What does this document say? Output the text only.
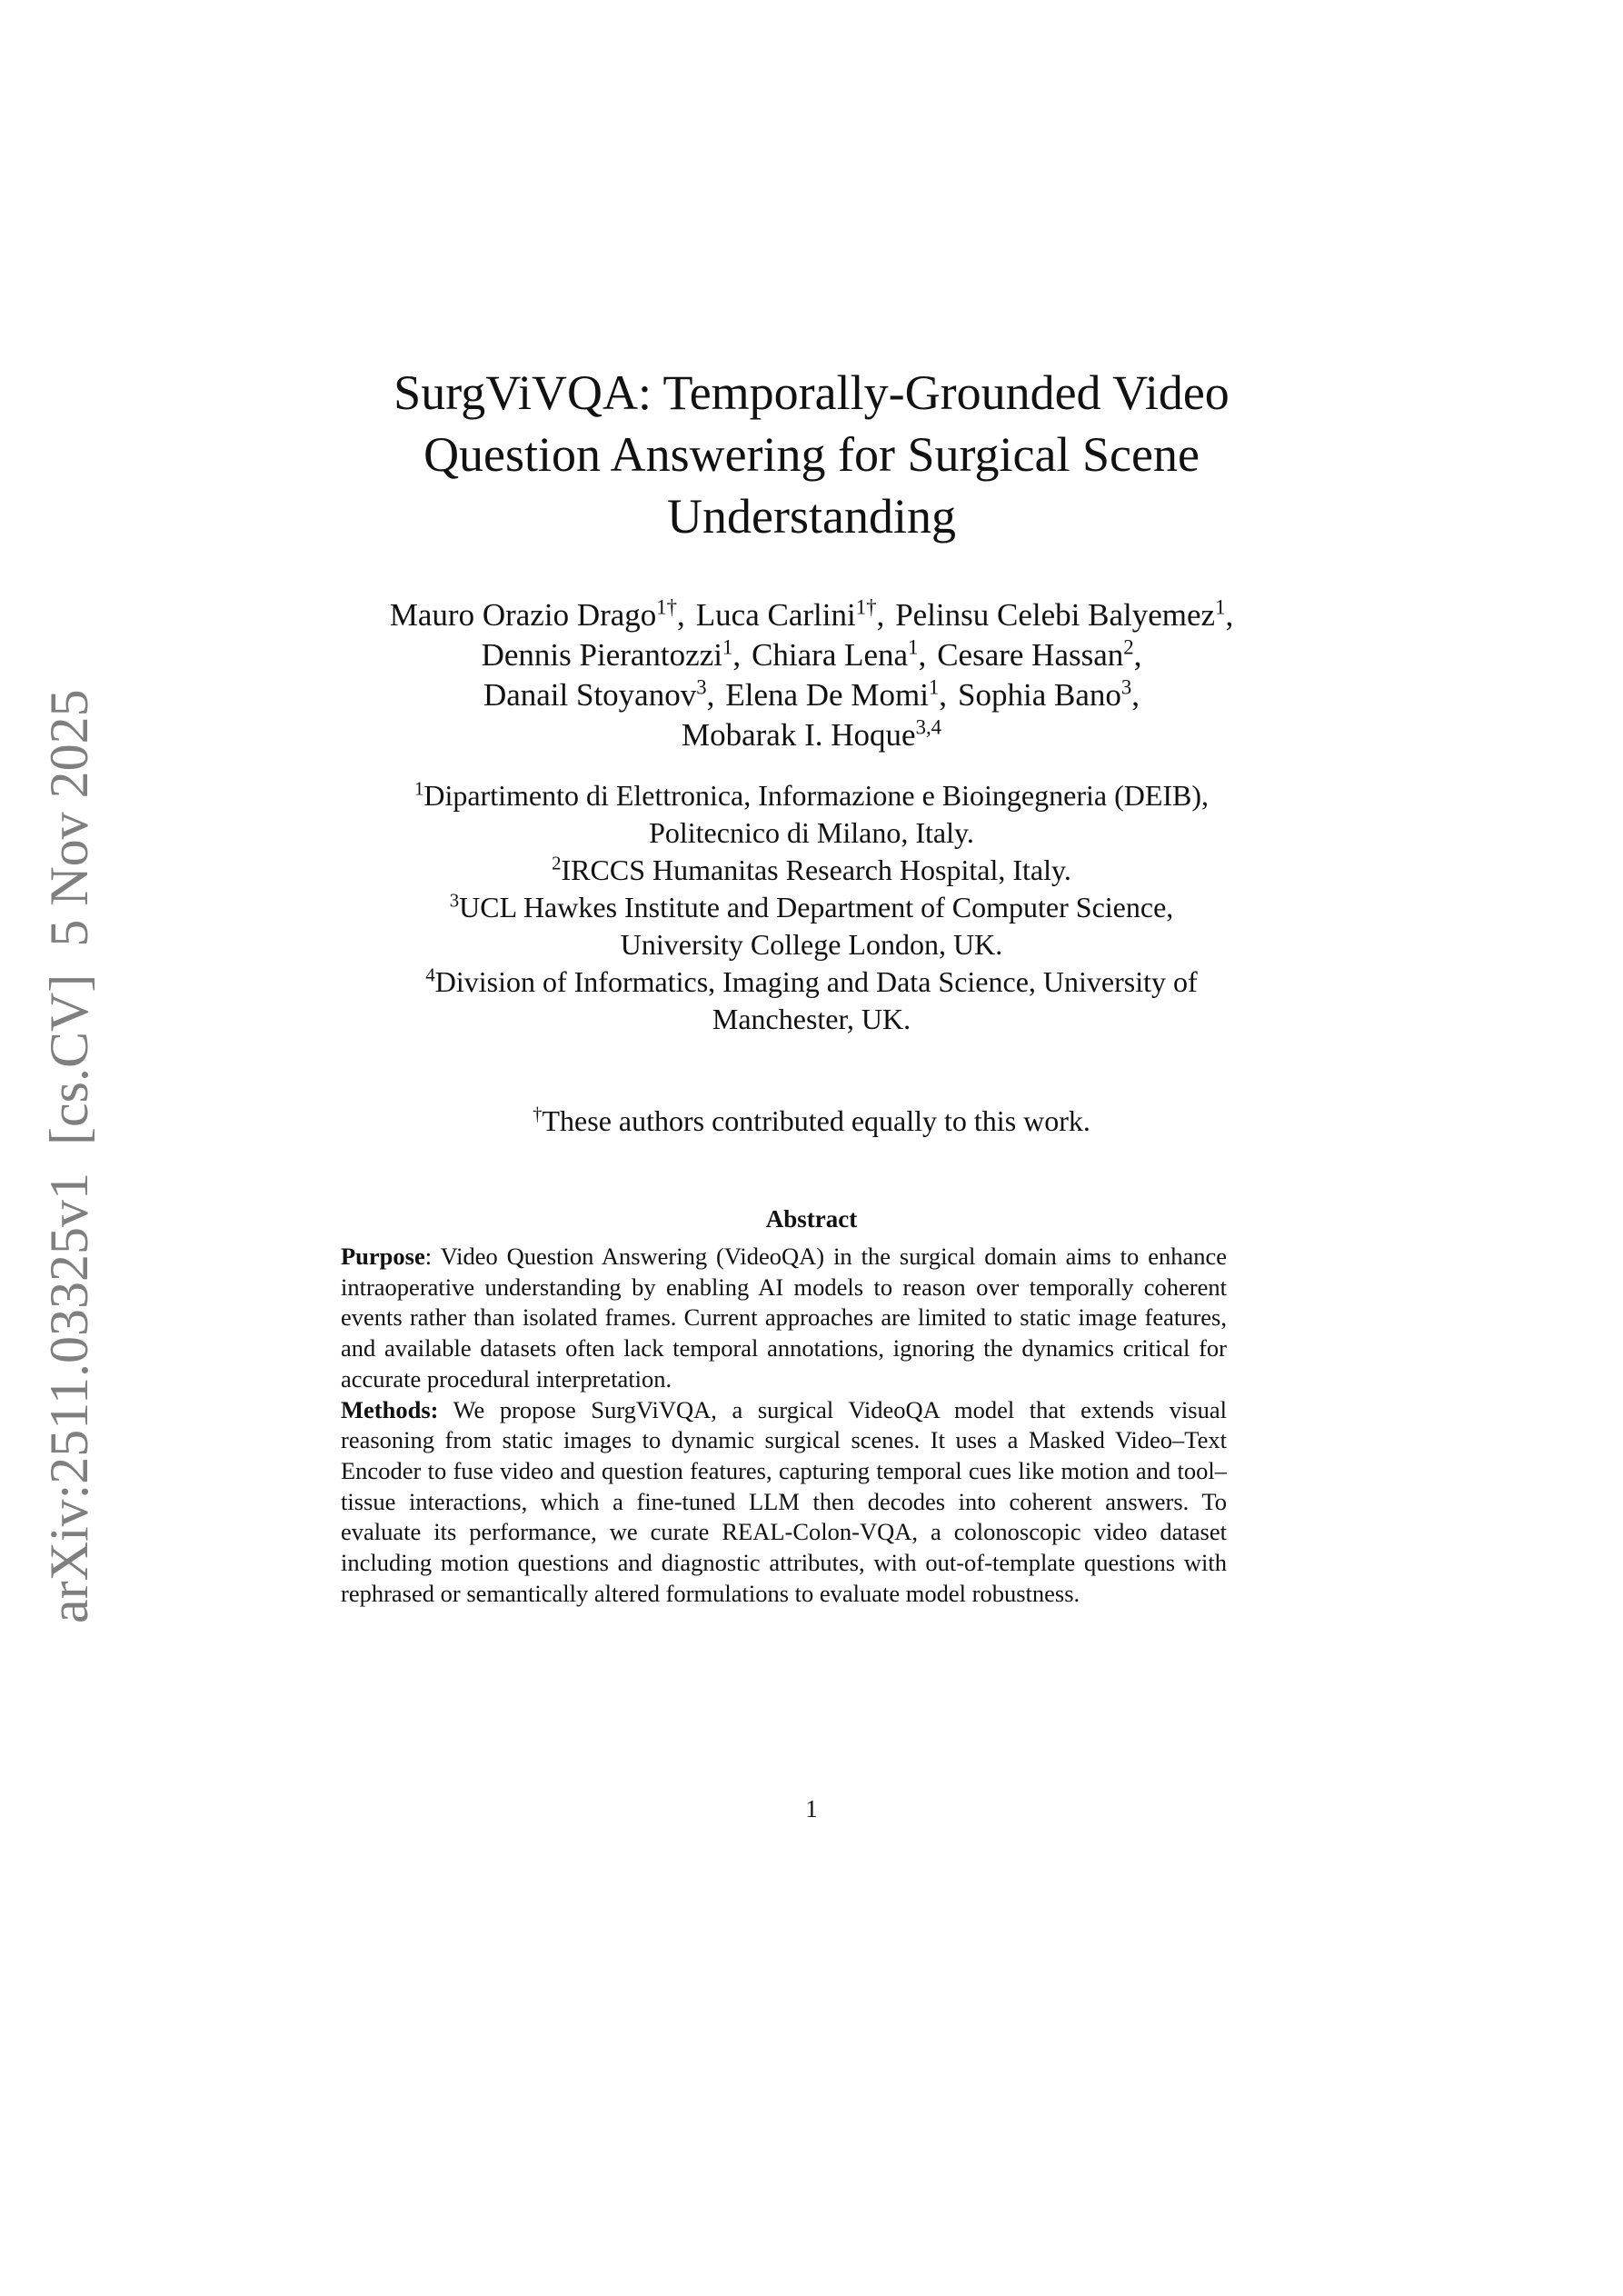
arXiv:2511.03325v1  [cs.CV]  5 Nov 2025
SurgViVQA: Temporally-Grounded Video
Question Answering for Surgical Scene
Understanding
Mauro Orazio Drago$^{1\dagger}$, Luca Carlini$^{1\dagger}$, Pelinsu Celebi Balyemez$^1$,
Dennis Pierantozzi$^1$, Chiara Lena$^1$, Cesare Hassan$^2$,
Danail Stoyanov$^3$, Elena De Momi$^1$, Sophia Bano$^3$,
Mobarak I. Hoque$^{3,4}$
$^1$Dipartimento di Elettronica, Informazione e Bioingegneria (DEIB),
Politecnico di Milano, Italy.
$^2$IRCCS Humanitas Research Hospital, Italy.
$^3$UCL Hawkes Institute and Department of Computer Science,
University College London, UK.
$^4$Division of Informatics, Imaging and Data Science, University of
Manchester, UK.
†These authors contributed equally to this work.
Abstract
Purpose: Video Question Answering (VideoQA) in the surgical domain aims to enhance intraoperative understanding by enabling AI models to reason over temporally coherent events rather than isolated frames. Current approaches are limited to static image features, and available datasets often lack temporal annotations, ignoring the dynamics critical for accurate procedural interpretation.
Methods: We propose SurgViVQA, a surgical VideoQA model that extends visual reasoning from static images to dynamic surgical scenes. It uses a Masked Video–Text Encoder to fuse video and question features, capturing temporal cues like motion and tool–tissue interactions, which a fine-tuned LLM then decodes into coherent answers. To evaluate its performance, we curate REAL-Colon-VQA, a colonoscopic video dataset including motion questions and diagnostic attributes, with out-of-template questions with rephrased or semantically altered formulations to evaluate model robustness.
1
